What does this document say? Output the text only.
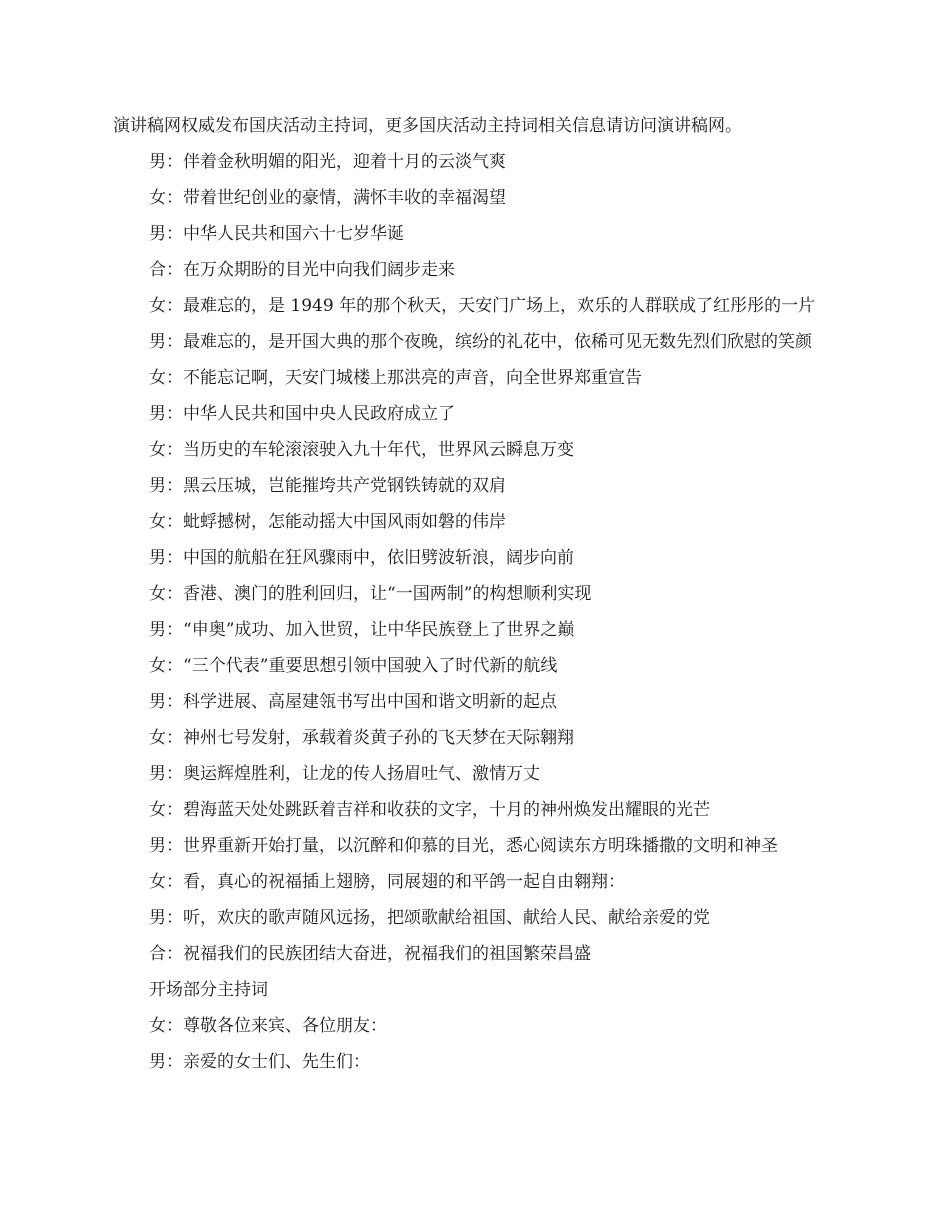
演讲稿网权威发布国庆活动主持词，更多国庆活动主持词相关信息请访问演讲稿网。

男：伴着金秋明媚的阳光，迎着十月的云淡气爽

女：带着世纪创业的豪情，满怀丰收的幸福渴望

男：中华人民共和国六十七岁华诞

合：在万众期盼的目光中向我们阔步走来

女：最难忘的，是 1949 年的那个秋天，天安门广场上，欢乐的人群联成了红彤彤的一片

男：最难忘的，是开国大典的那个夜晚，缤纷的礼花中，依稀可见无数先烈们欣慰的笑颜

女：不能忘记啊，天安门城楼上那洪亮的声音，向全世界郑重宣告

男：中华人民共和国中央人民政府成立了

女：当历史的车轮滚滚驶入九十年代，世界风云瞬息万变

男：黑云压城，岂能摧垮共产党钢铁铸就的双肩

女：蚍蜉撼树，怎能动摇大中国风雨如磐的伟岸

男：中国的航船在狂风骤雨中，依旧劈波斩浪，阔步向前

女：香港、澳门的胜利回归，让“一国两制”的构想顺利实现

男：“申奥”成功、加入世贸，让中华民族登上了世界之巅

女：“三个代表”重要思想引领中国驶入了时代新的航线

男：科学进展、高屋建瓴书写出中国和谐文明新的起点

女：神州七号发射，承载着炎黄子孙的飞天梦在天际翱翔

男：奥运辉煌胜利，让龙的传人扬眉吐气、激情万丈

女：碧海蓝天处处跳跃着吉祥和收获的文字，十月的神州焕发出耀眼的光芒

男：世界重新开始打量，以沉醉和仰慕的目光，悉心阅读东方明珠播撒的文明和神圣

女：看，真心的祝福插上翅膀，同展翅的和平鸽一起自由翱翔：

男：听，欢庆的歌声随风远扬，把颂歌献给祖国、献给人民、献给亲爱的党

合：祝福我们的民族团结大奋进，祝福我们的祖国繁荣昌盛

开场部分主持词

女：尊敬各位来宾、各位朋友：

男：亲爱的女士们、先生们：
